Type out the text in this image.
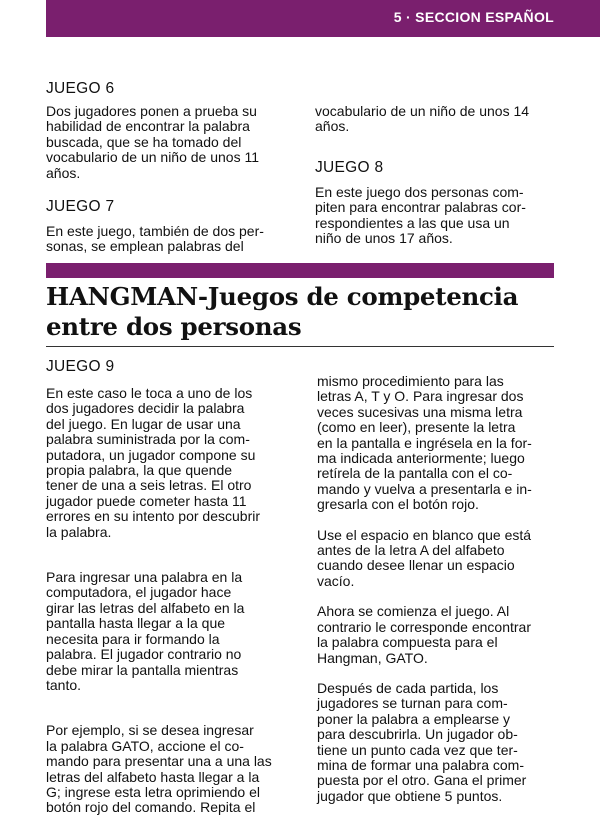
5 · SECCION ESPAÑOL

JUEGO 6

Dos jugadores ponen a prueba su
habilidad de encontrar la palabra
buscada, que se ha tomado del
vocabulario de un niño de unos 11
años.

JUEGO 7

En este juego, también de dos per-
sonas, se emplean palabras del

vocabulario de un niño de unos 14
años.

JUEGO 8

En este juego dos personas com-
piten para encontrar palabras cor-
respondientes a las que usa un
niño de unos 17 años.

HANGMAN-Juegos de competencia
entre dos personas

JUEGO 9

En este caso le toca a uno de los
dos jugadores decidir la palabra
del juego. En lugar de usar una
palabra suministrada por la com-
putadora, un jugador compone su
propia palabra, la que quende
tener de una a seis letras. El otro
jugador puede cometer hasta 11
errores en su intento por descubrir
la palabra.

Para ingresar una palabra en la
computadora, el jugador hace
girar las letras del alfabeto en la
pantalla hasta llegar a la que
necesita para ir formando la
palabra. El jugador contrario no
debe mirar la pantalla mientras
tanto.

Por ejemplo, si se desea ingresar
la palabra GATO, accione el co-
mando para presentar una a una las
letras del alfabeto hasta llegar a la
G; ingrese esta letra oprimiendo el
botón rojo del comando. Repita el

mismo procedimiento para las
letras A, T y O. Para ingresar dos
veces sucesivas una misma letra
(como en leer), presente la letra
en la pantalla e ingrésela en la for-
ma indicada anteriormente; luego
retírela de la pantalla con el co-
mando y vuelva a presentarla e in-
gresarla con el botón rojo.

Use el espacio en blanco que está
antes de la letra A del alfabeto
cuando desee llenar un espacio
vacío.

Ahora se comienza el juego. Al
contrario le corresponde encontrar
la palabra compuesta para el
Hangman, GATO.

Después de cada partida, los
jugadores se turnan para com-
poner la palabra a emplearse y
para descubrirla. Un jugador ob-
tiene un punto cada vez que ter-
mina de formar una palabra com-
puesta por el otro. Gana el primer
jugador que obtiene 5 puntos.
